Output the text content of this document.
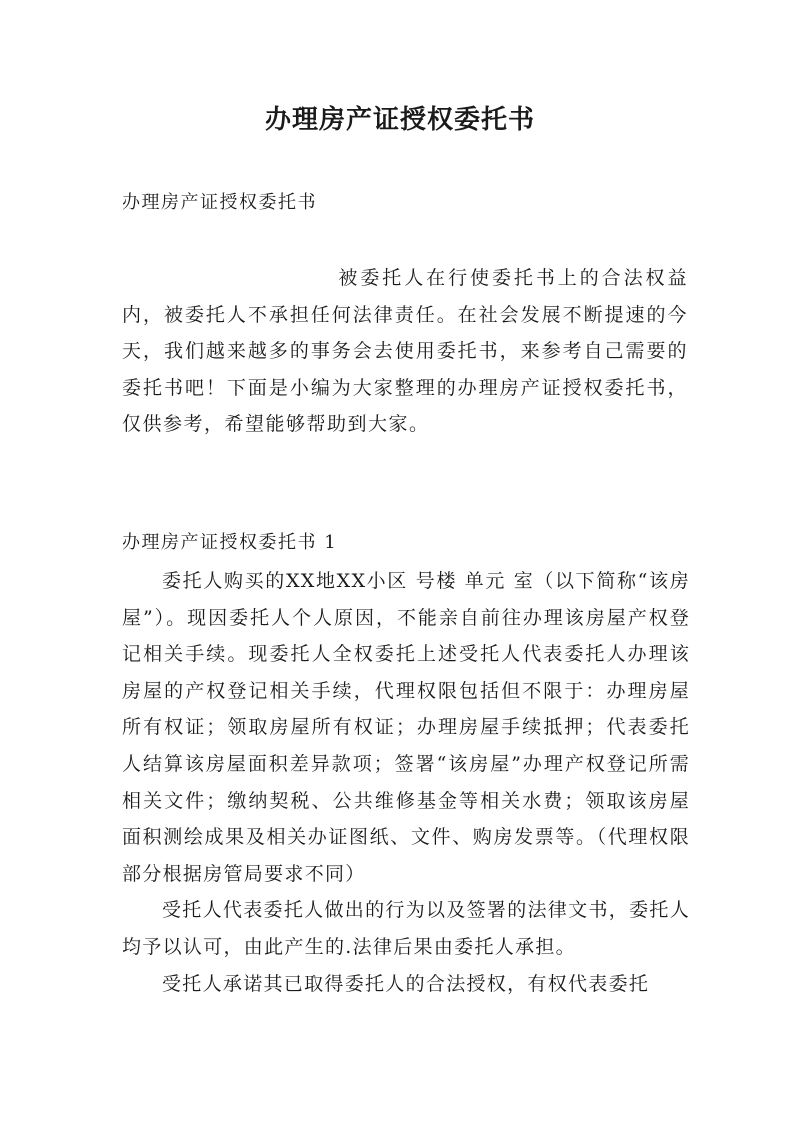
办理房产证授权委托书
办理房产证授权委托书

被委托人在行使委托书上的合法权益内，被委托人不承担任何法律责任。在社会发展不断提速的今天，我们越来越多的事务会去使用委托书，来参考自己需要的委托书吧！下面是小编为大家整理的办理房产证授权委托书，仅供参考，希望能够帮助到大家。

办理房产证授权委托书 1

委托人购买的XX地XX小区 号楼 单元 室（以下简称“该房屋”）。现因委托人个人原因，不能亲自前往办理该房屋产权登记相关手续。现委托人全权委托上述受托人代表委托人办理该房屋的产权登记相关手续，代理权限包括但不限于：办理房屋所有权证；领取房屋所有权证；办理房屋手续抵押；代表委托人结算该房屋面积差异款项；签署“该房屋”办理产权登记所需相关文件；缴纳契税、公共维修基金等相关水费；领取该房屋面积测绘成果及相关办证图纸、文件、购房发票等。（代理权限部分根据房管局要求不同）

受托人代表委托人做出的行为以及签署的法律文书，委托人均予以认可，由此产生的.法律后果由委托人承担。

受托人承诺其已取得委托人的合法授权，有权代表委托
